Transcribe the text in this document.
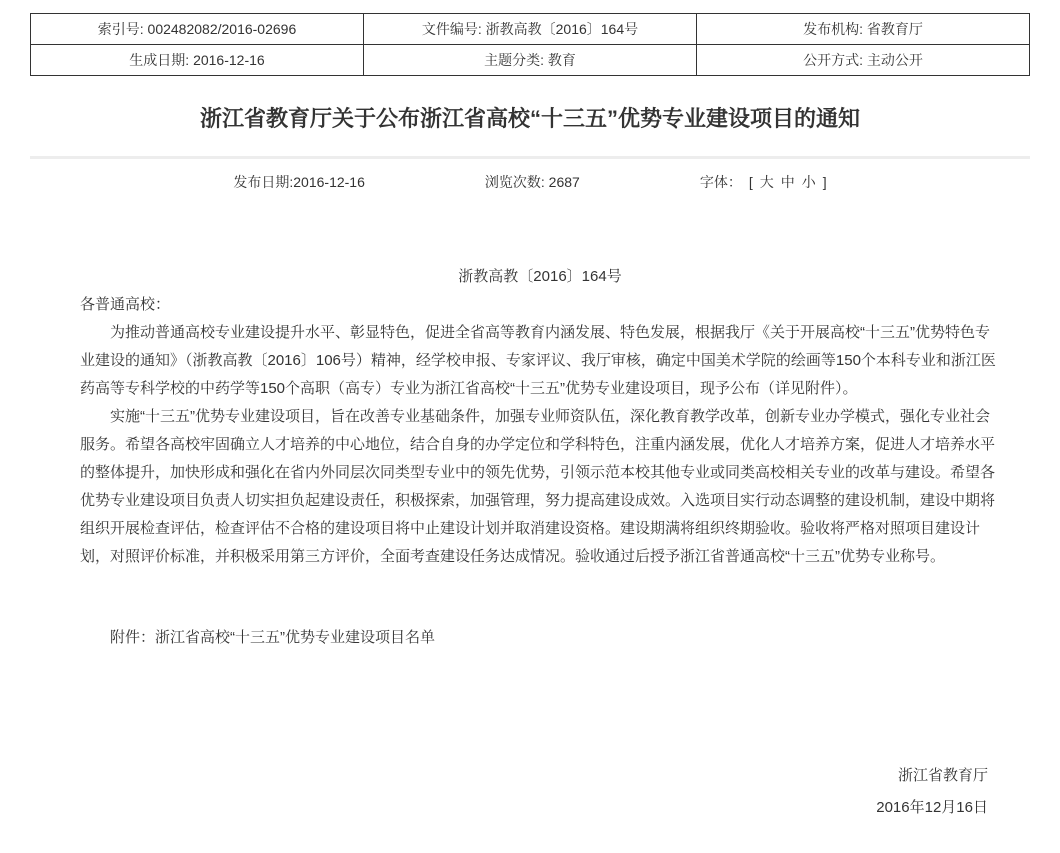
索引号: 002482082/2016-02696	文件编号: 浙教高教〔2016〕164号	发布机构: 省教育厅
生成日期: 2016-12-16	主题分类: 教育	公开方式: 主动公开
浙江省教育厅关于公布浙江省高校“十三五”优势专业建设项目的通知
发布日期:2016-12-16	浏览次数: 2687	字体： [ 大 中 小 ]
浙教高教〔2016〕164号
各普通高校：

为推动普通高校专业建设提升水平、彰显特色，促进全省高等教育内涵发展、特色发展，根据我厅《关于开展高校“十三五”优势特色专业建设的通知》（浙教高教〔2016〕106号）精神，经学校申报、专家评议、我厅审核，确定中国美术学院的绘画等150个本科专业和浙江医药高等专科学校的中药学等150个高职（高专）专业为浙江省高校“十三五”优势专业建设项目，现予公布（详见附件）。

实施“十三五”优势专业建设项目，旨在改善专业基础条件，加强专业师资队伍，深化教育教学改革，创新专业办学模式，强化专业社会服务。希望各高校牢固确立人才培养的中心地位，结合自身的办学定位和学科特色，注重内涵发展，优化人才培养方案，促进人才培养水平的整体提升，加快形成和强化在省内外同层次同类型专业中的领先优势，引领示范本校其他专业或同类高校相关专业的改革与建设。希望各优势专业建设项目负责人切实担负起建设责任，积极探索，加强管理，努力提高建设成效。入选项目实行动态调整的建设机制，建设中期将组织开展检查评估，检查评估不合格的建设项目将中止建设计划并取消建设资格。建设期满将组织终期验收。验收将严格对照项目建设计划，对照评价标准，并积极采用第三方评价，全面考查建设任务达成情况。验收通过后授予浙江省普通高校“十三五”优势专业称号。

附件：浙江省高校“十三五”优势专业建设项目名单
浙江省教育厅
2016年12月16日
